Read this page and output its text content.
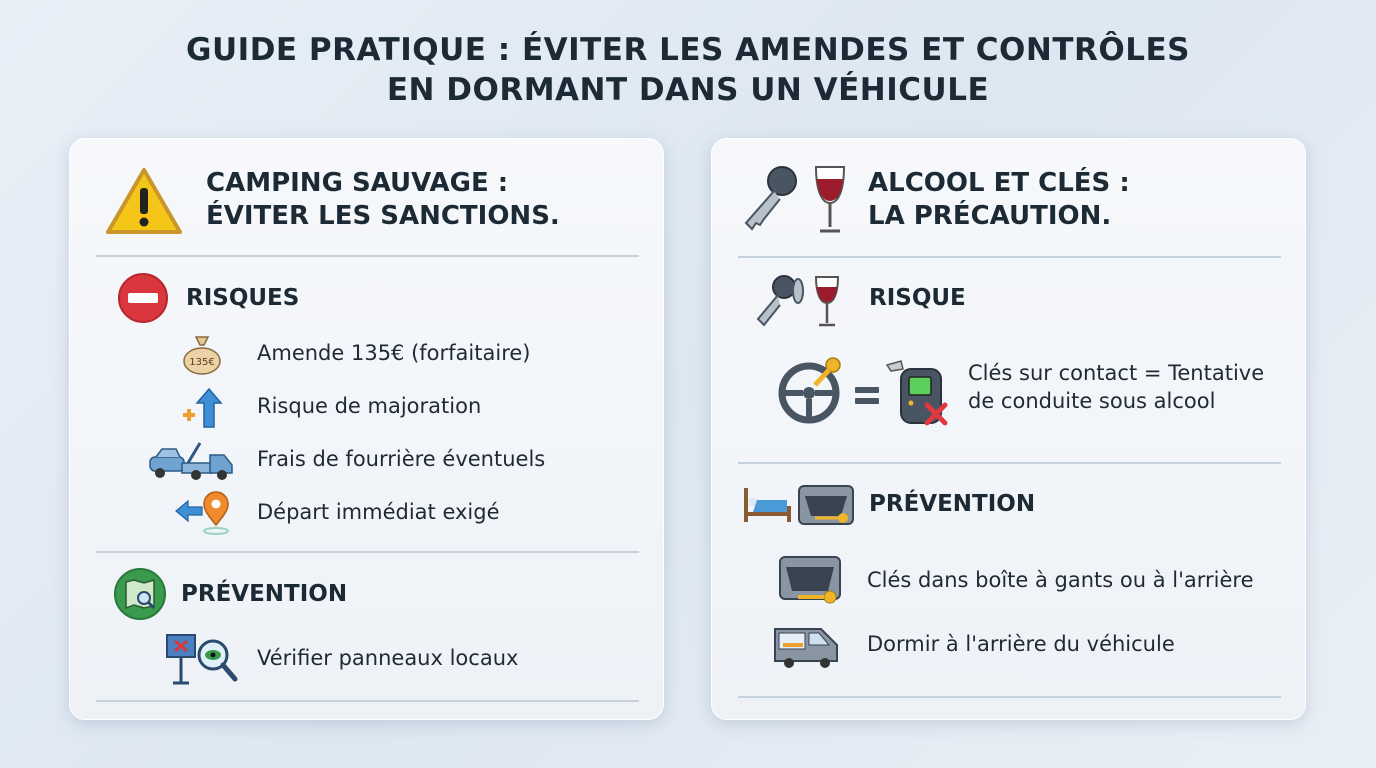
GUIDE PRATIQUE : ÉVITER LES AMENDES ET CONTRÔLES
EN DORMANT DANS UN VÉHICULE
CAMPING SAUVAGE :
ÉVITER LES SANCTIONS.
RISQUES
135€ Amende 135€ (forfaitaire)
Risque de majoration
Frais de fourrière éventuels
Départ immédiat exigé
PRÉVENTION
Vérifier panneaux locaux
ALCOOL ET CLÉS :
LA PRÉCAUTION.
RISQUE
Clés sur contact = Tentative
de conduite sous alcool
PRÉVENTION
Clés dans boîte à gants ou à l'arrière
Dormir à l'arrière du véhicule
